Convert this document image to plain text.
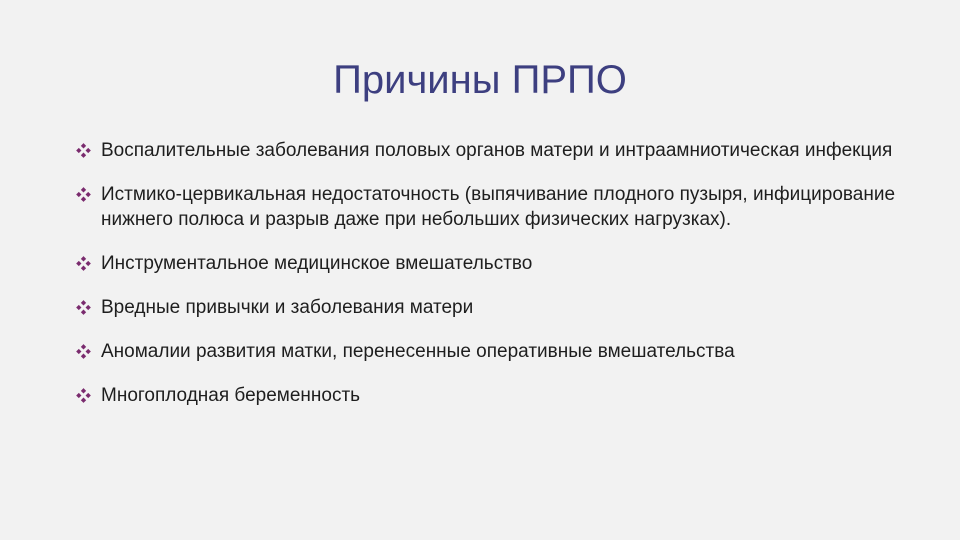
Причины ПРПО
Воспалительные заболевания половых органов матери и интраамниотическая инфекция
Истмико-цервикальная недостаточность (выпячивание плодного пузыря, инфицирование нижнего полюса и разрыв даже при небольших физических нагрузках).
Инструментальное медицинское вмешательство
Вредные привычки и заболевания матери
Аномалии развития матки, перенесенные оперативные вмешательства
Многоплодная беременность
